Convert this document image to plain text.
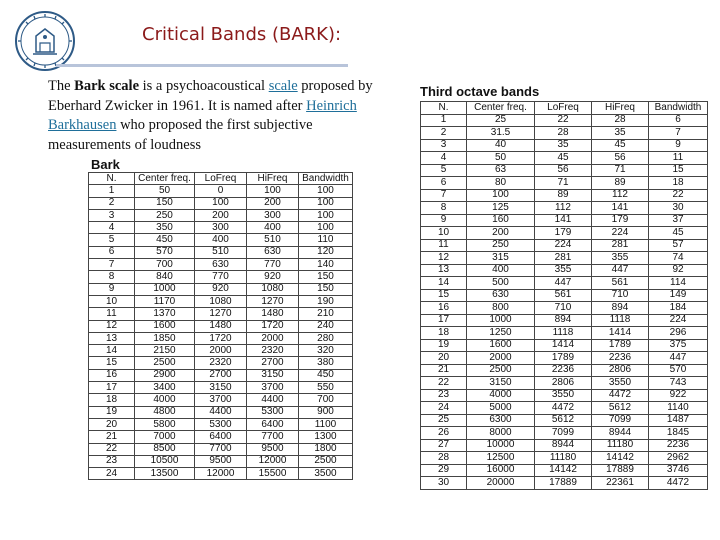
Critical Bands (BARK):
The Bark scale is a psychoacoustical scale proposed by Eberhard Zwicker in 1961. It is named after Heinrich Barkhausen who proposed the first subjective measurements of loudness
Bark
N.	Center freq.	LoFreq	HiFreq	Bandwidth
1	50	0	100	100
2	150	100	200	100
3	250	200	300	100
4	350	300	400	100
5	450	400	510	110
6	570	510	630	120
7	700	630	770	140
8	840	770	920	150
9	1000	920	1080	150
10	1170	1080	1270	190
11	1370	1270	1480	210
12	1600	1480	1720	240
13	1850	1720	2000	280
14	2150	2000	2320	320
15	2500	2320	2700	380
16	2900	2700	3150	450
17	3400	3150	3700	550
18	4000	3700	4400	700
19	4800	4400	5300	900
20	5800	5300	6400	1100
21	7000	6400	7700	1300
22	8500	7700	9500	1800
23	10500	9500	12000	2500
24	13500	12000	15500	3500
Third octave bands
N.	Center freq.	LoFreq	HiFreq	Bandwidth
1	25	22	28	6
2	31.5	28	35	7
3	40	35	45	9
4	50	45	56	11
5	63	56	71	15
6	80	71	89	18
7	100	89	112	22
8	125	112	141	30
9	160	141	179	37
10	200	179	224	45
11	250	224	281	57
12	315	281	355	74
13	400	355	447	92
14	500	447	561	114
15	630	561	710	149
16	800	710	894	184
17	1000	894	1118	224
18	1250	1118	1414	296
19	1600	1414	1789	375
20	2000	1789	2236	447
21	2500	2236	2806	570
22	3150	2806	3550	743
23	4000	3550	4472	922
24	5000	4472	5612	1140
25	6300	5612	7099	1487
26	8000	7099	8944	1845
27	10000	8944	11180	2236
28	12500	11180	14142	2962
29	16000	14142	17889	3746
30	20000	17889	22361	4472
